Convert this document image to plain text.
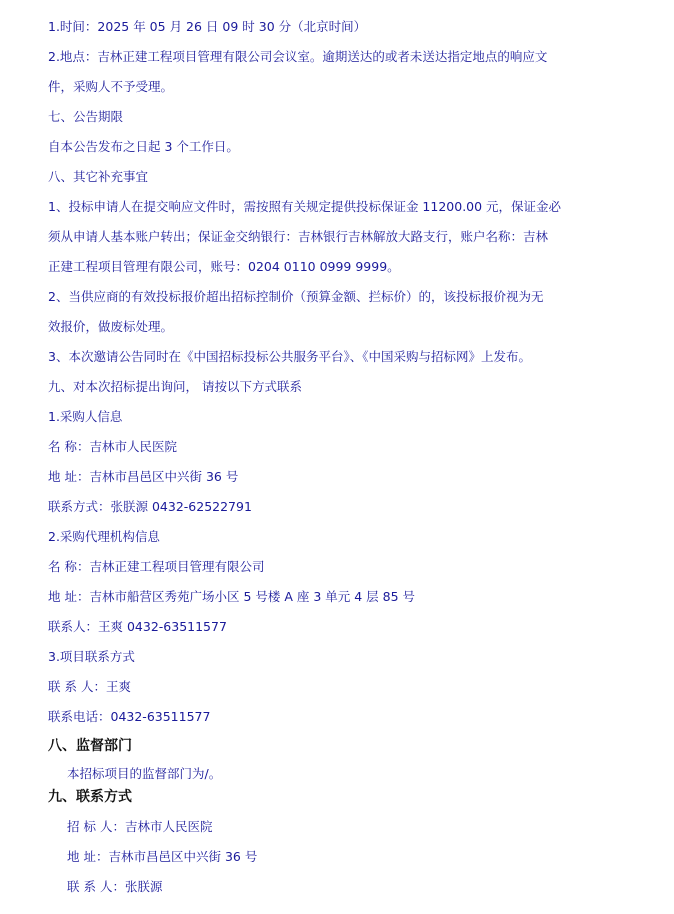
1.时间：2025 年 05 月 26 日 09 时 30 分（北京时间）
2.地点：吉林正建工程项目管理有限公司会议室。逾期送达的或者未送达指定地点的响应文
件，采购人不予受理。
七、公告期限
自本公告发布之日起 3 个工作日。
八、其它补充事宜
1、投标申请人在提交响应文件时，需按照有关规定提供投标保证金 11200.00 元，保证金必
须从申请人基本账户转出；保证金交纳银行：吉林银行吉林解放大路支行，账户名称：吉林
正建工程项目管理有限公司，账号：0204 0110 0999 9999。
2、当供应商的有效投标报价超出招标控制价（预算金额、拦标价）的，该投标报价视为无
效报价，做废标处理。
3、本次邀请公告同时在《中国招标投标公共服务平台》、《中国采购与招标网》上发布。
九、对本次招标提出询问， 请按以下方式联系
1.采购人信息
名 称：吉林市人民医院
地 址：吉林市昌邑区中兴街 36 号
联系方式：张朕源 0432-62522791
2.采购代理机构信息
名 称：吉林正建工程项目管理有限公司
地 址：吉林市船营区秀苑广场小区 5 号楼 A 座 3 单元 4 层 85 号
联系人：王爽 0432-63511577
3.项目联系方式
联 系 人：王爽
联系电话：0432-63511577
八、监督部门
本招标项目的监督部门为/。
九、联系方式
招 标 人：吉林市人民医院
地 址：吉林市昌邑区中兴街 36 号
联 系 人：张朕源
